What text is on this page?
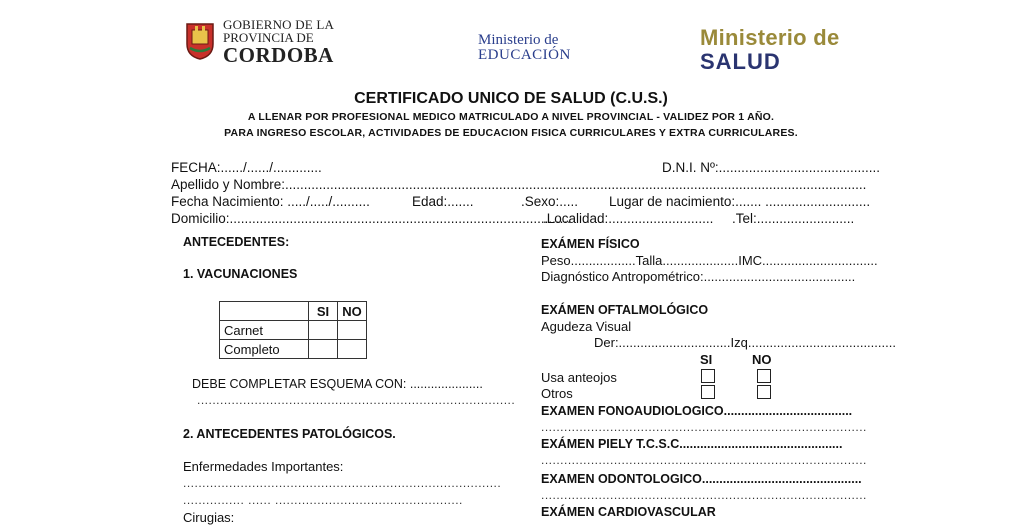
GOBIERNO DE LA
PROVINCIA DE
CORDOBA
Ministerio de
EDUCACIÓN
Ministerio de
SALUD
CERTIFICADO UNICO DE SALUD (C.U.S.)
A LLENAR POR PROFESIONAL MEDICO MATRICULADO A NIVEL PROVINCIAL - VALIDEZ POR 1 AÑO.
PARA INGRESO ESCOLAR, ACTIVIDADES DE EDUCACION FISICA CURRICULARES Y EXTRA CURRICULARES.
FECHA:....../....../.............	D.N.I. Nº:...........................................
Apellido y Nombre:...........................................................................................................................................................
Fecha Nacimiento: ...../...../..........	Edad:.......	.Sexo:..... Lugar de nacimiento:....... ............................
Domicilio:...........................................................................................
.Localidad:............................ .Tel:..........................
ANTECEDENTES:
1. VACUNACIONES
	SI	NO
Carnet		
Completo		
DEBE COMPLETAR ESQUEMA CON: .....................
...................................................................................
2. ANTECEDENTES PATOLÓGICOS.
Enfermedades Importantes:
...................................................................................
................ ...... .................................................
Cirugias:
EXÁMEN FÍSICO
Peso..................Talla.....................IMC................................
Diagnóstico Antropométrico:..........................................
EXÁMEN OFTALMOLÓGICO
Agudeza Visual
Der:...............................Izq.........................................
SI	NO
Usa anteojos
Otros
EXAMEN FONOAUDIOLOGICO.....................................
.....................................................................................
EXÁMEN PIELY T.C.S.C...............................................
.....................................................................................
EXAMEN ODONTOLOGICO..............................................
.....................................................................................
EXÁMEN CARDIOVASCULAR
